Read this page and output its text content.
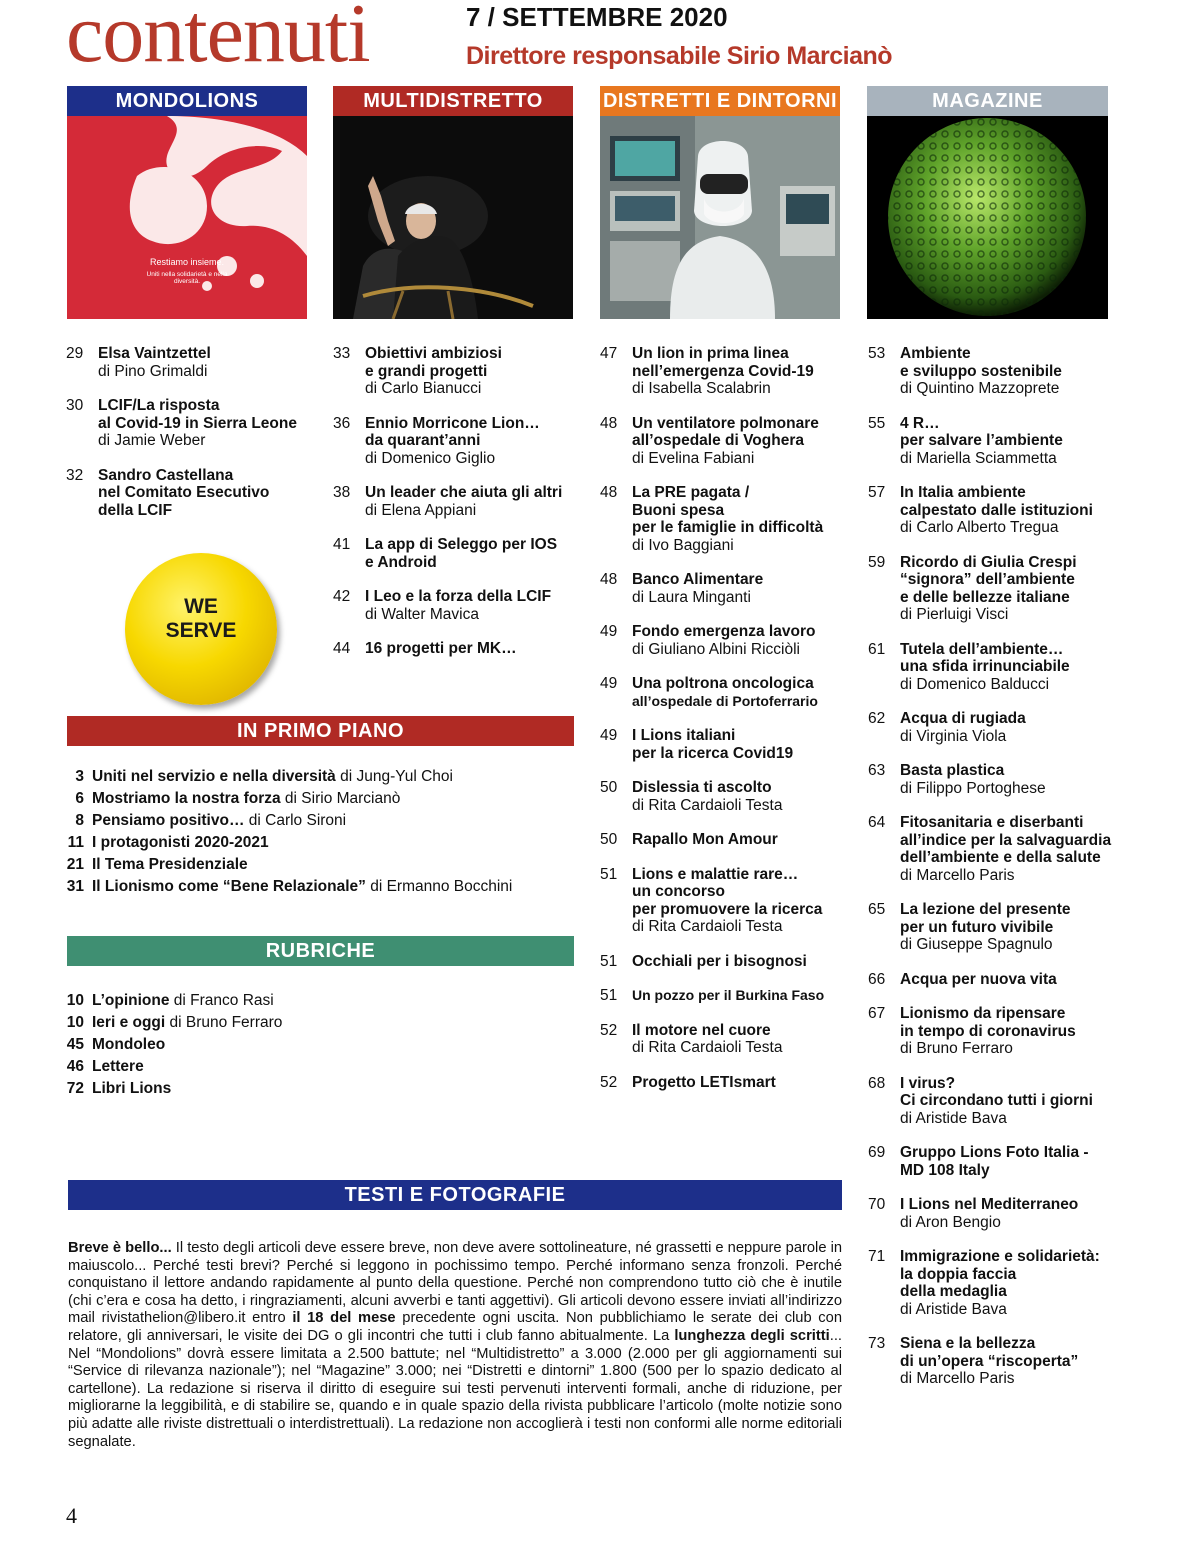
contenuti	7 / SETTEMBRE 2020
Direttore responsabile Sirio Marcianò
MONDOLIONS	MULTIDISTRETTO	DISTRETTI E DINTORNI	MAGAZINE
Restiamo insieme.
Uniti nella solidarietà e nella
diversità.
29 Elsa Vaintzettel
di Pino Grimaldi
30 LCIF/La risposta
al Covid-19 in Sierra Leone
di Jamie Weber
32 Sandro Castellana
nel Comitato Esecutivo
della LCIF
WE
SERVE
33 Obiettivi ambiziosi
e grandi progetti
di Carlo Bianucci
36 Ennio Morricone Lion…
da quarant’anni
di Domenico Giglio
38 Un leader che aiuta gli altri
di Elena Appiani
41 La app di Seleggo per IOS
e Android
42 I Leo e la forza della LCIF
di Walter Mavica
44 16 progetti per MK…
47 Un lion in prima linea
nell’emergenza Covid-19
di Isabella Scalabrin
48 Un ventilatore polmonare
all’ospedale di Voghera
di Evelina Fabiani
48 La PRE pagata /
Buoni spesa
per le famiglie in difficoltà
di Ivo Baggiani
48 Banco Alimentare
di Laura Minganti
49 Fondo emergenza lavoro
di Giuliano Albini Ricciòli
49 Una poltrona oncologica
all’ospedale di Portoferrario
49 I Lions italiani
per la ricerca Covid19
50 Dislessia ti ascolto
di Rita Cardaioli Testa
50 Rapallo Mon Amour
51 Lions e malattie rare…
un concorso
per promuovere la ricerca
di Rita Cardaioli Testa
51 Occhiali per i bisognosi
51	Un pozzo per il Burkina Faso
52 Il motore nel cuore
di Rita Cardaioli Testa
52 Progetto LETIsmart
53 Ambiente
e sviluppo sostenibile
di Quintino Mazzoprete
55 4 R…
per salvare l’ambiente
di Mariella Sciammetta
57 In Italia ambiente
calpestato dalle istituzioni
di Carlo Alberto Tregua
59 Ricordo di Giulia Crespi
“signora” dell’ambiente
e delle bellezze italiane
di Pierluigi Visci
61 Tutela dell’ambiente…
una sfida irrinunciabile
di Domenico Balducci
62 Acqua di rugiada
di Virginia Viola
63 Basta plastica
di Filippo Portoghese
64 Fitosanitaria e diserbanti
all’indice per la salvaguardia
dell’ambiente e della salute
di Marcello Paris
65 La lezione del presente
per un futuro vivibile
di Giuseppe Spagnulo
66 Acqua per nuova vita
67 Lionismo da ripensare
in tempo di coronavirus
di Bruno Ferraro
68 I virus?
Ci circondano tutti i giorni
di Aristide Bava
69 Gruppo Lions Foto Italia -
MD 108 Italy
70 I Lions nel Mediterraneo
di Aron Bengio
71 Immigrazione e solidarietà:
la doppia faccia
della medaglia
di Aristide Bava
73 Siena e la bellezza
di un’opera “riscoperta”
di Marcello Paris
IN PRIMO PIANO
3 Uniti nel servizio e nella diversità di Jung-Yul Choi
6 Mostriamo la nostra forza di Sirio Marcianò
8 Pensiamo positivo… di Carlo Sironi
11 I protagonisti 2020-2021
21 Il Tema Presidenziale
31 Il Lionismo come “Bene Relazionale” di Ermanno Bocchini
RUBRICHE
10 L’opinione di Franco Rasi
10 Ieri e oggi di Bruno Ferraro
45 Mondoleo
46 Lettere
72 Libri Lions
TESTI E FOTOGRAFIE
Breve è bello... Il testo degli articoli deve essere breve, non deve avere sottolineature, né grassetti e neppure parole in maiuscolo... Perché testi brevi? Perché si leggono in pochissimo tempo. Perché informano senza fronzoli. Perché conquistano il lettore andando rapidamente al punto della questione. Perché non comprendono tutto ciò che è inutile (chi c’era e cosa ha detto, i ringraziamenti, alcuni avverbi e tanti aggettivi). Gli articoli devono essere inviati all’indirizzo mail rivistathelion@libero.it entro il 18 del mese precedente ogni uscita. Non pubblichiamo le serate dei club con relatore, gli anniversari, le visite dei DG o gli incontri che tutti i club fanno abitualmente. La lunghezza degli scritti... Nel “Mondolions” dovrà essere limitata a 2.500 battute; nel “Multidistretto” a 3.000 (2.000 per gli aggiornamenti sui “Service di rilevanza nazionale”); nel “Magazine” 3.000; nei “Distretti e dintorni” 1.800 (500 per lo spazio dedicato al cartellone). La redazione si riserva il diritto di eseguire sui testi pervenuti interventi formali, anche di riduzione, per migliorarne la leggibilità, e di stabilire se, quando e in quale spazio della rivista pubblicare l’articolo (molte notizie sono più adatte alle riviste distrettuali o interdistrettuali). La redazione non accoglierà i testi non conformi alle norme editoriali segnalate.
4
